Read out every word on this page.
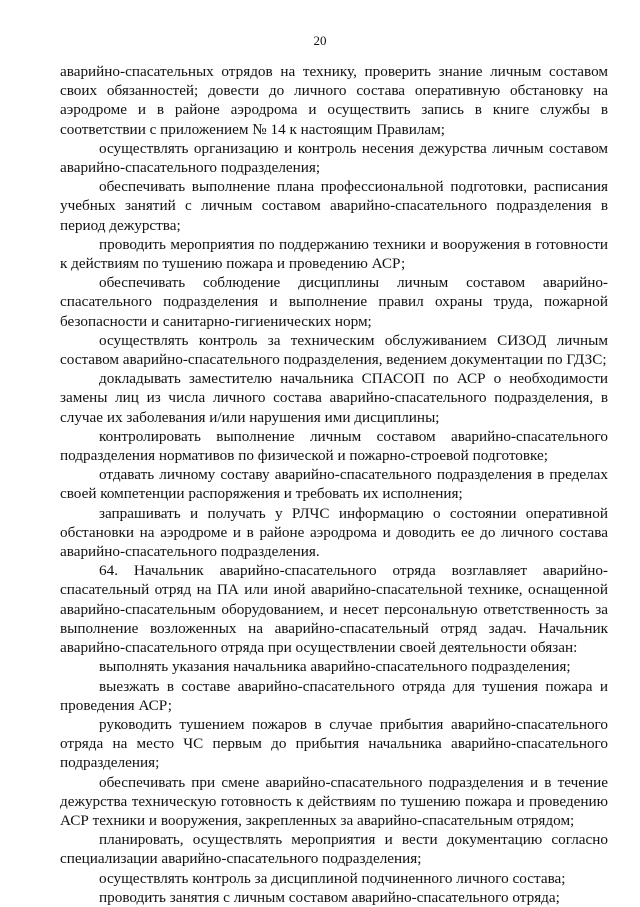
20

аварийно-спасательных отрядов на технику, проверить знание личным составом своих обязанностей; довести до личного состава оперативную обстановку на аэродроме и в районе аэродрома и осуществить запись в книге службы в соответствии с приложением № 14 к настоящим Правилам;

осуществлять организацию и контроль несения дежурства личным составом аварийно-спасательного подразделения;

обеспечивать выполнение плана профессиональной подготовки, расписания учебных занятий с личным составом аварийно-спасательного подразделения в период дежурства;

проводить мероприятия по поддержанию техники и вооружения в готовности к действиям по тушению пожара и проведению АСР;

обеспечивать соблюдение дисциплины личным составом аварийно-спасательного подразделения и выполнение правил охраны труда, пожарной безопасности и санитарно-гигиенических норм;

осуществлять контроль за техническим обслуживанием СИЗОД личным составом аварийно-спасательного подразделения, ведением документации по ГДЗС;

докладывать заместителю начальника СПАСОП по АСР о необходимости замены лиц из числа личного состава аварийно-спасательного подразделения, в случае их заболевания и/или нарушения ими дисциплины;

контролировать выполнение личным составом аварийно-спасательного подразделения нормативов по физической и пожарно-строевой подготовке;

отдавать личному составу аварийно-спасательного подразделения в пределах своей компетенции распоряжения и требовать их исполнения;

запрашивать и получать у РЛЧС информацию о состоянии оперативной обстановки на аэродроме и в районе аэродрома и доводить ее до личного состава аварийно-спасательного подразделения.

64. Начальник аварийно-спасательного отряда возглавляет аварийно-спасательный отряд на ПА или иной аварийно-спасательной технике, оснащенной аварийно-спасательным оборудованием, и несет персональную ответственность за выполнение возложенных на аварийно-спасательный отряд задач. Начальник аварийно-спасательного отряда при осуществлении своей деятельности обязан:

выполнять указания начальника аварийно-спасательного подразделения;

выезжать в составе аварийно-спасательного отряда для тушения пожара и проведения АСР;

руководить тушением пожаров в случае прибытия аварийно-спасательного отряда на место ЧС первым до прибытия начальника аварийно-спасательного подразделения;

обеспечивать при смене аварийно-спасательного подразделения и в течение дежурства техническую готовность к действиям по тушению пожара и проведению АСР техники и вооружения, закрепленных за аварийно-спасательным отрядом;

планировать, осуществлять мероприятия и вести документацию согласно специализации аварийно-спасательного подразделения;

осуществлять контроль за дисциплиной подчиненного личного состава;

проводить занятия с личным составом аварийно-спасательного отряда;
